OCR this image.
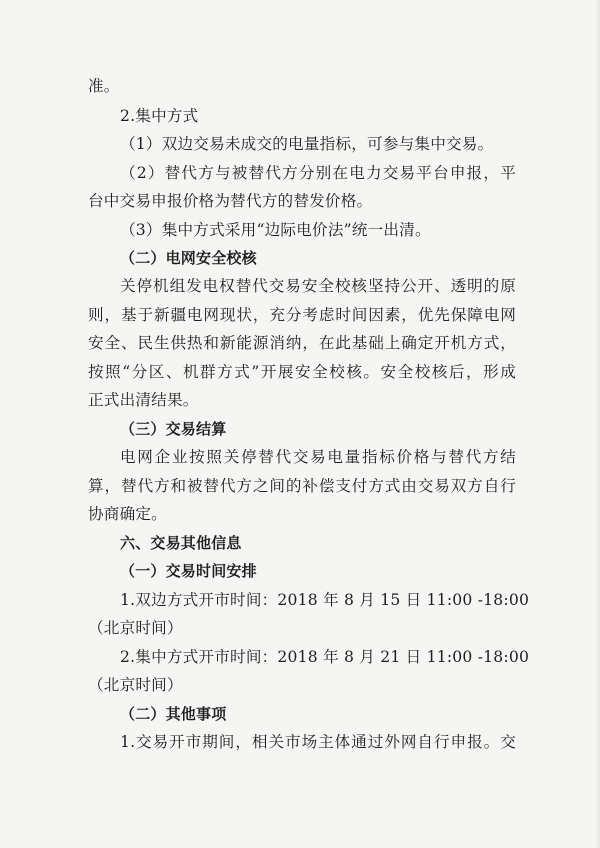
准。
2.集中方式
（1）双边交易未成交的电量指标，可参与集中交易。
（2）替代方与被替代方分别在电力交易平台申报，平
台中交易申报价格为替代方的替发价格。
（3）集中方式采用“边际电价法”统一出清。
（二）电网安全校核
关停机组发电权替代交易安全校核坚持公开、透明的原
则，基于新疆电网现状，充分考虑时间因素，优先保障电网
安全、民生供热和新能源消纳，在此基础上确定开机方式，
按照“分区、机群方式”开展安全校核。安全校核后，形成
正式出清结果。
（三）交易结算
电网企业按照关停替代交易电量指标价格与替代方结
算，替代方和被替代方之间的补偿支付方式由交易双方自行
协商确定。
六、交易其他信息
（一）交易时间安排
1.双边方式开市时间：2018 年 8 月 15 日 11:00 -18:00
（北京时间）
2.集中方式开市时间：2018 年 8 月 21 日 11:00 -18:00
（北京时间）
（二）其他事项
1.交易开市期间，相关市场主体通过外网自行申报。交
